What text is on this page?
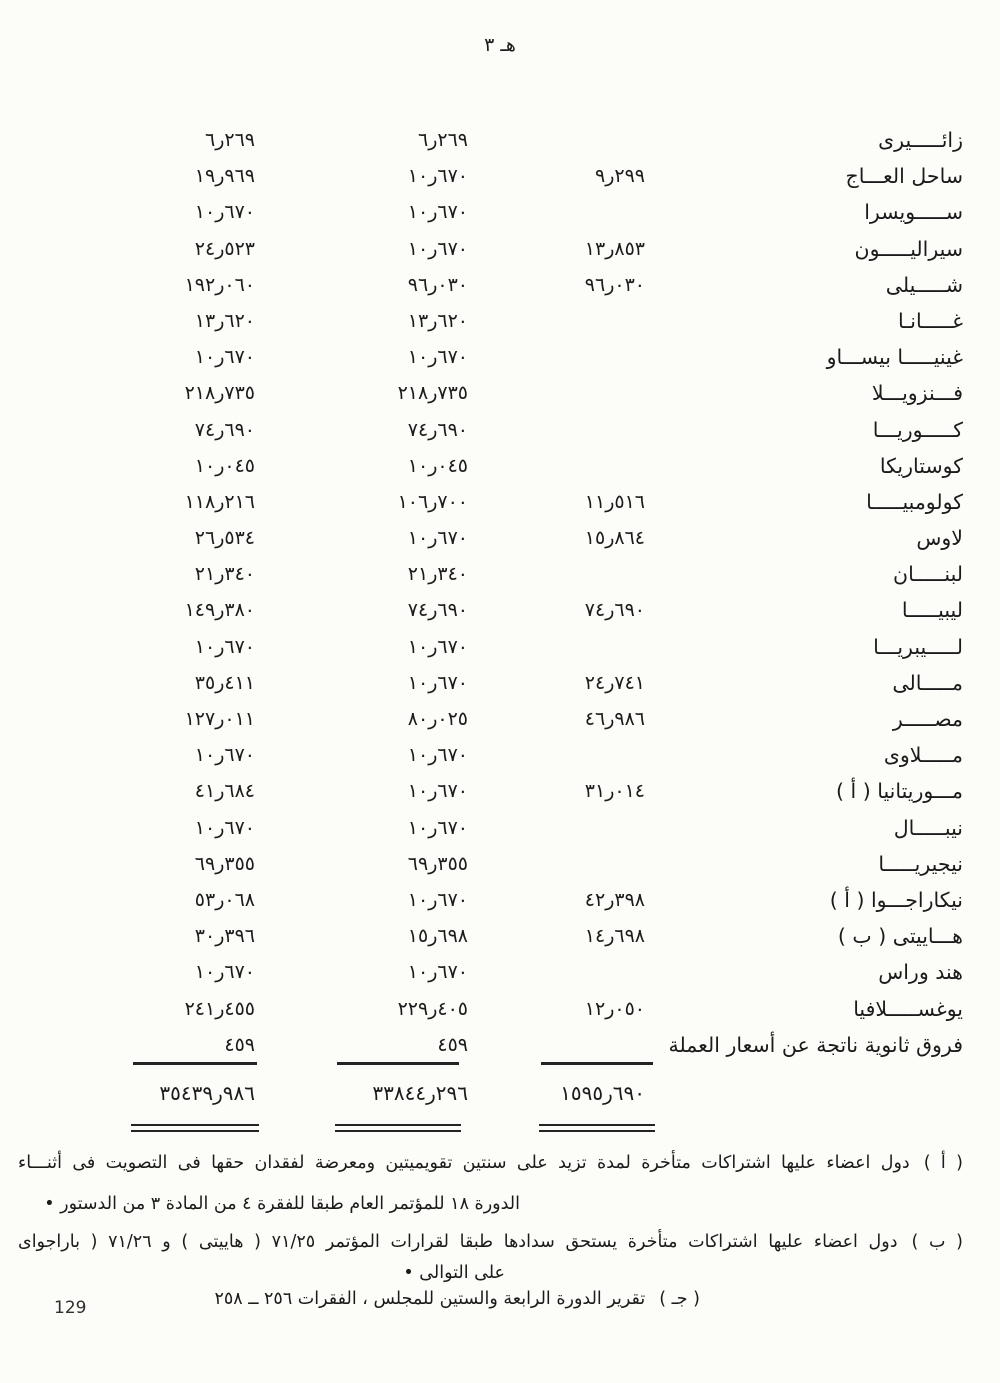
هـ ٣
زائـــــيرى
٦ر٢٦٩
٦ر٢٦٩
ساحل العـــاج
٩ر٢٩٩
١٠ر٦٧٠
١٩ر٩٦٩
ســـــويسرا
١٠ر٦٧٠
١٠ر٦٧٠
سيراليـــــون
١٣ر٨٥٣
١٠ر٦٧٠
٢٤ر٥٢٣
شـــــيلى
٩٦ر٠٣٠
٩٦ر٠٣٠
١٩٢ر٠٦٠
غـــــانـا
١٣ر٦٢٠
١٣ر٦٢٠
غينيـــــا بيســـاو
١٠ر٦٧٠
١٠ر٦٧٠
فـــنزويـــلا
٢١٨ر٧٣٥
٢١٨ر٧٣٥
كـــــوريـــا
٧٤ر٦٩٠
٧٤ر٦٩٠
كوستاريكا
١٠ر٠٤٥
١٠ر٠٤٥
كولومبيـــــا
١١ر٥١٦
١٠٦ر٧٠٠
١١٨ر٢١٦
لاوس
١٥ر٨٦٤
١٠ر٦٧٠
٢٦ر٥٣٤
لبنـــــان
٢١ر٣٤٠
٢١ر٣٤٠
ليبيـــــا
٧٤ر٦٩٠
٧٤ر٦٩٠
١٤٩ر٣٨٠
لـــــيبريـــا
١٠ر٦٧٠
١٠ر٦٧٠
مـــــالى
٢٤ر٧٤١
١٠ر٦٧٠
٣٥ر٤١١
مصـــــر
٤٦ر٩٨٦
٨٠ر٠٢٥
١٢٧ر٠١١
مـــــلاوى
١٠ر٦٧٠
١٠ر٦٧٠
مـــوريتانيا ( أ )
٣١ر٠١٤
١٠ر٦٧٠
٤١ر٦٨٤
نيبـــــال
١٠ر٦٧٠
١٠ر٦٧٠
نيجيريـــــا
٦٩ر٣٥٥
٦٩ر٣٥٥
نيكاراجـــوا ( أ )
٤٢ر٣٩٨
١٠ر٦٧٠
٥٣ر٠٦٨
هـــاييتى ( ب )
١٤ر٦٩٨
١٥ر٦٩٨
٣٠ر٣٩٦
هند وراس
١٠ر٦٧٠
١٠ر٦٧٠
يوغســـــلافيا
١٢ر٠٥٠
٢٢٩ر٤٠٥
٢٤١ر٤٥٥
فروق ثانوية ناتجة عن أسعار العملة
٤٥٩
٤٥٩
١٥٩٥ر٦٩٠
٣٣٨٤٤ر٢٩٦
٣٥٤٣٩ر٩٨٦
( أ )دول اعضاء عليها اشتراكات متأخرة لمدة تزيد على سنتين تقويميتين ومعرضة لفقدان حقها فى التصويت فى أثنـــاء
الدورة ١٨ للمؤتمر العام طبقا للفقرة ٤ من المادة ٣ من الدستور •
( ب )دول اعضاء عليها اشتراكات متأخرة يستحق سدادها طبقا لقرارات المؤتمر ٧١/٢٥ ( هاييتى ) و ٧١/٢٦ ( باراجواى
على التوالى •
( جـ )تقرير الدورة الرابعة والستين للمجلس ، الفقرات ٢٥٦ ــ ٢٥٨
129
